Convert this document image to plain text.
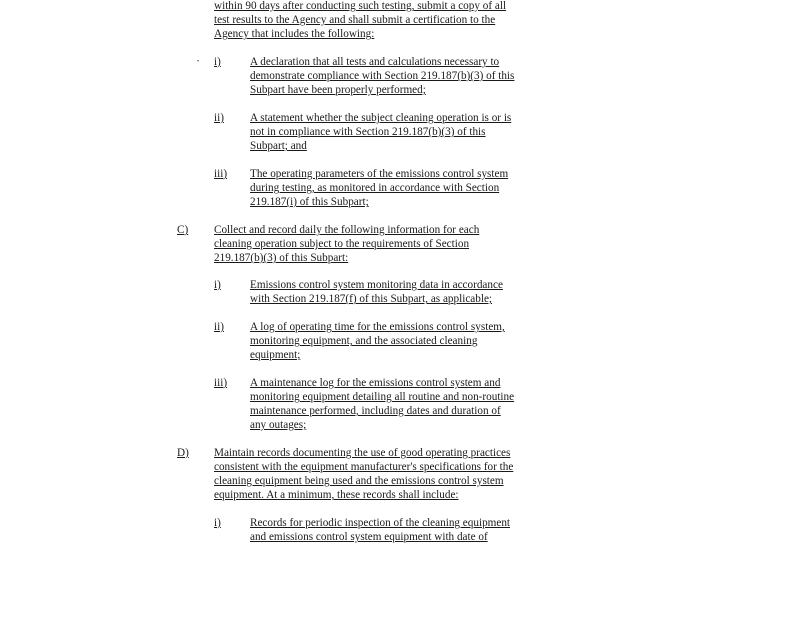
within 90 days after conducting such testing, submit a copy of all
test results to the Agency and shall submit a certification to the
Agency that includes the following:
• i)	A declaration that all tests and calculations necessary to
demonstrate compliance with Section 219.187(b)(3) of this
Subpart have been properly performed;
ii) A statement whether the subject cleaning operation is or is
not in compliance with Section 219.187(b)(3) of this
Subpart; and
iii) The operating parameters of the emissions control system
during testing, as monitored in accordance with Section
219.187(i) of this Subpart;
C) Collect and record daily the following information for each
cleaning operation subject to the requirements of Section
219.187(b)(3) of this Subpart:
i)	Emissions control system monitoring data in accordance
with Section 219.187(f) of this Subpart, as applicable;
ii) A log of operating time for the emissions control system,
monitoring equipment, and the associated cleaning
equipment;
iii) A maintenance log for the emissions control system and
monitoring equipment detailing all routine and non-routine
maintenance performed, including dates and duration of
any outages;
D) Maintain records documenting the use of good operating practices
consistent with the equipment manufacturer's specifications for the
cleaning equipment being used and the emissions control system
equipment. At a minimum, these records shall include:
i)	Records for periodic inspection of the cleaning equipment
and emissions control system equipment with date of
